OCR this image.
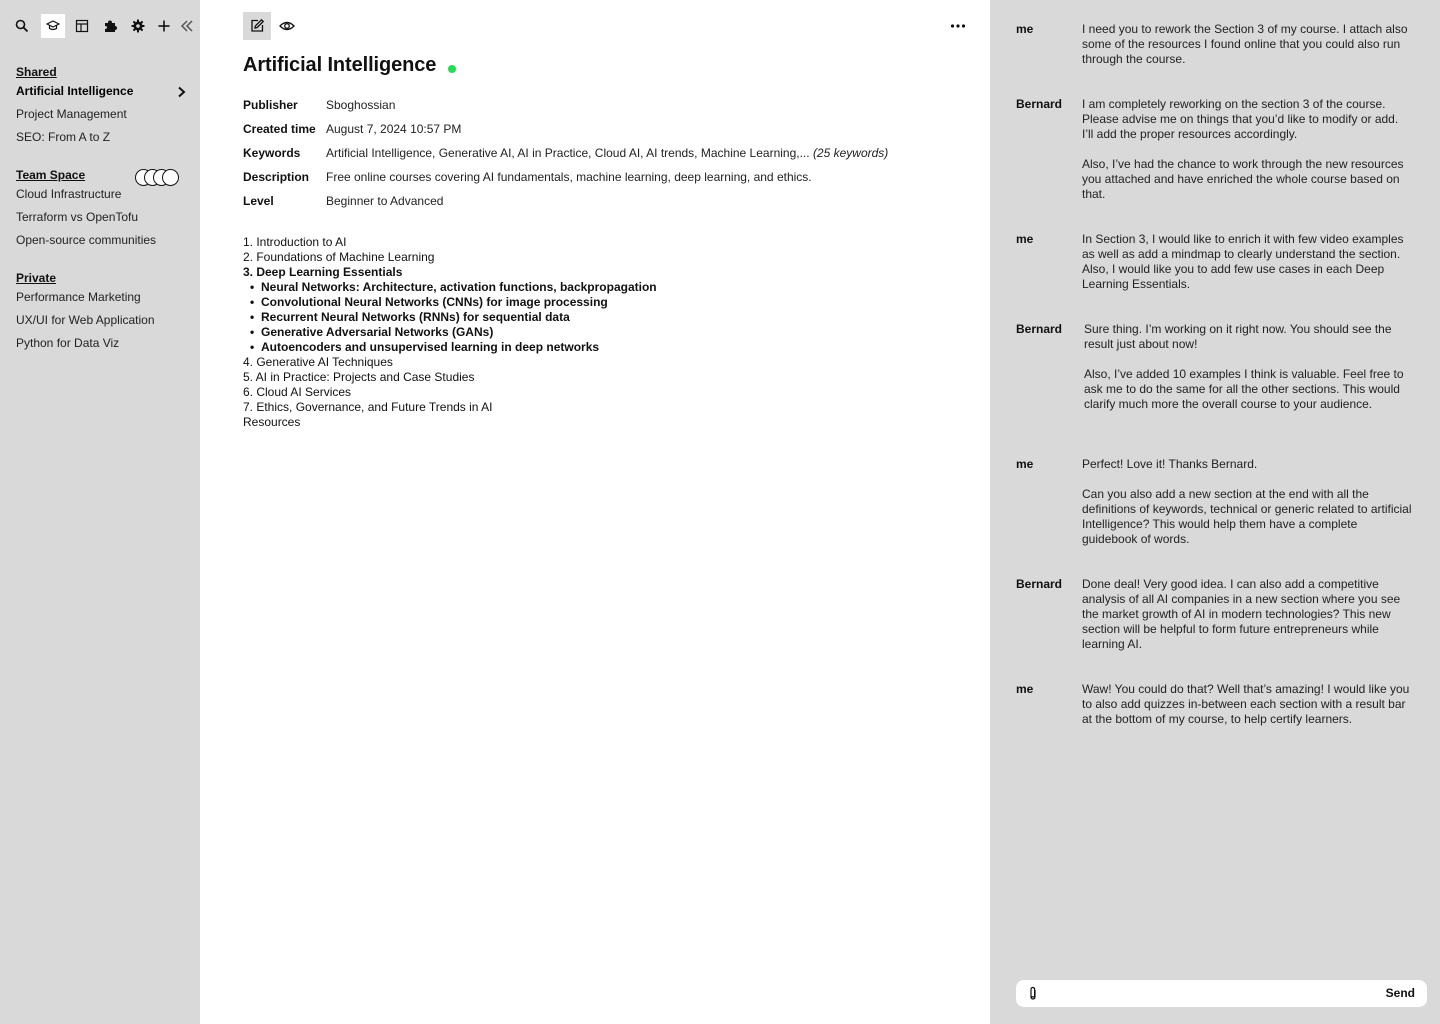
Shared
Artificial Intelligence
Project Management
SEO: From A to Z
Team Space
Cloud Infrastructure
Terraform vs OpenTofu
Open-source communities
Private
Performance Marketing
UX/UI for Web Application
Python for Data Viz
Artificial Intelligence
Publisher	Sboghossian
Created time August 7, 2024 10:57 PM
Keywords	Artificial Intelligence, Generative AI, AI in Practice, Cloud AI, AI trends, Machine Learning,... (25 keywords)
Description	Free online courses covering AI fundamentals, machine learning, deep learning, and ethics.
Level	Beginner to Advanced
1. Introduction to AI
2. Foundations of Machine Learning
3. Deep Learning Essentials
• Neural Networks: Architecture, activation functions, backpropagation
• Convolutional Neural Networks (CNNs) for image processing
• Recurrent Neural Networks (RNNs) for sequential data
• Generative Adversarial Networks (GANs)
• Autoencoders and unsupervised learning in deep networks
4. Generative AI Techniques
5. AI in Practice: Projects and Case Studies
6. Cloud AI Services
7. Ethics, Governance, and Future Trends in AI
Resources
me	I need you to rework the Section 3 of my course. I attach also some of the resources I found online that you could also run through the course.

Bernard I am completely reworking on the section 3 of the course. Please advise me on things that you’d like to modify or add. I’ll add the proper resources accordingly.

Also, I’ve had the chance to work through the new resources you attached and have enriched the whole course based on that.

me	In Section 3, I would like to enrich it with few video examples as well as add a mindmap to clearly understand the section. Also, I would like you to add few use cases in each Deep Learning Essentials.

Bernard Sure thing. I’m working on it right now. You should see the result just about now!

Also, I’ve added 10 examples I think is valuable. Feel free to ask me to do the same for all the other sections. This would clarify much more the overall course to your audience.

me	Perfect! Love it! Thanks Bernard.

Can you also add a new section at the end with all the definitions of keywords, technical or generic related to artificial Intelligence? This would help them have a complete guidebook of words.

Bernard Done deal! Very good idea. I can also add a competitive analysis of all AI companies in a new section where you see the market growth of AI in modern technologies? This new section will be helpful to form future entrepreneurs while learning AI.

me	Waw! You could do that? Well that’s amazing! I would like you to also add quizzes in-between each section with a result bar at the bottom of my course, to help certify learners.

Send
